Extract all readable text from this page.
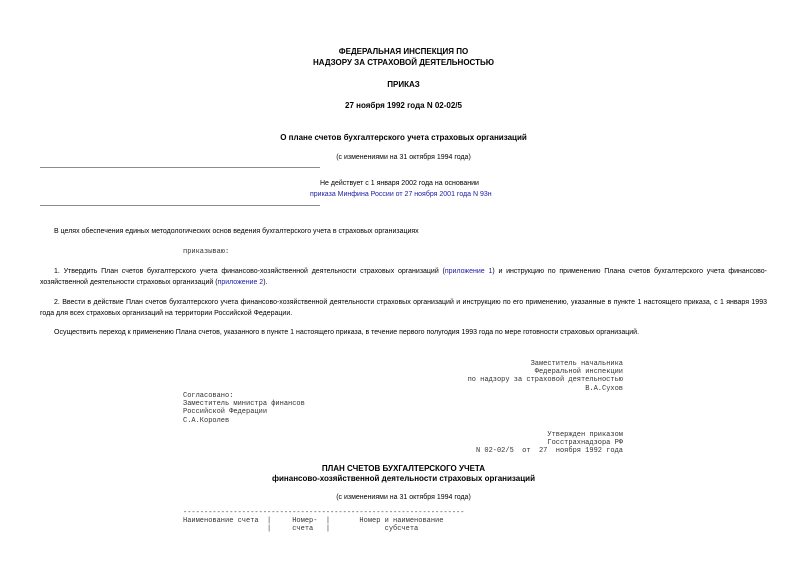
ФЕДЕРАЛЬНАЯ ИНСПЕКЦИЯ ПО
НАДЗОРУ ЗА СТРАХОВОЙ ДЕЯТЕЛЬНОСТЬЮ
ПРИКАЗ
27 ноября 1992 года N 02-02/5
О плане счетов бухгалтерского учета страховых организаций
(с изменениями на 31 октября 1994 года)
Не действует с 1 января 2002 года на основании
приказа Минфина России от 27 ноября 2001 года N 93н
В целях обеспечения единых методологических основ ведения бухгалтерского учета в страховых организациях
приказываю:
1. Утвердить План счетов бухгалтерского учета финансово-хозяйственной деятельности страховых организаций (приложение 1) и инструкцию по применению Плана счетов бухгалтерского учета финансово-хозяйственной деятельности страховых организаций (приложение 2).
2. Ввести в действие План счетов бухгалтерского учета финансово-хозяйственной деятельности страховых организаций и инструкцию по его применению, указанные в пункте 1 настоящего приказа, с 1 января 1993 года для всех страховых организаций на территории Российской Федерации.
Осуществить переход к применению Плана счетов, указанного в пункте 1 настоящего приказа, в течение первого полугодия 1993 года по мере готовности страховых организаций.
Заместитель начальника
Федеральной инспекции
по надзору за страховой деятельностью
В.А.Сухов
Согласовано:
Заместитель министра финансов
Российской Федерации
С.А.Королев
Утвержден приказом
Госстрахнадзора РФ
N 02-02/5  от  27  ноября 1992 года
ПЛАН СЧЕТОВ БУХГАЛТЕРСКОГО УЧЕТА
финансово-хозяйственной деятельности страховых организаций
(с изменениями на 31 октября 1994 года)
-------------------------------------------------------------------
Наименование счета  |     Номер-  |       Номер и наименование
|     счета   |             субсчета
